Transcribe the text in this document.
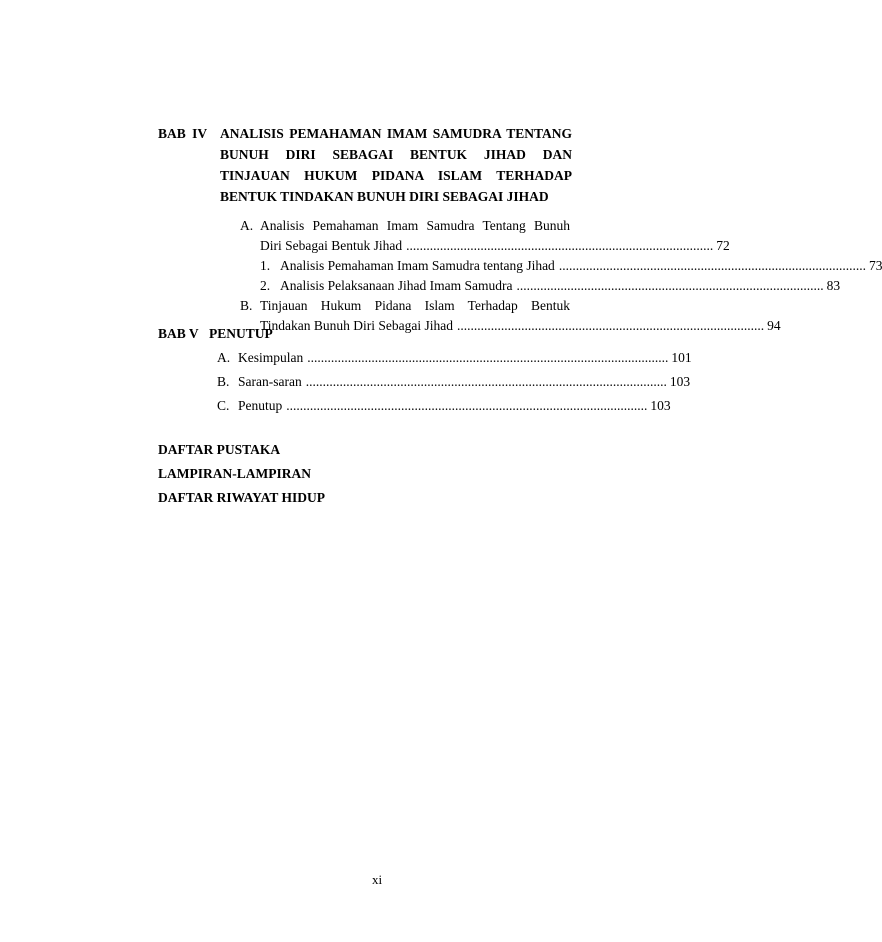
BAB IV ANALISIS PEMAHAMAN IMAM SAMUDRA TENTANG
BUNUH DIRI SEBAGAI BENTUK JIHAD DAN
TINJAUAN HUKUM PIDANA ISLAM TERHADAP
BENTUK TINDAKAN BUNUH DIRI SEBAGAI JIHAD
A. Analisis Pemahaman Imam Samudra Tentang Bunuh
Diri Sebagai Bentuk Jihad ........................................................................................... 72
1. Analisis Pemahaman Imam Samudra tentang Jihad ........................................................................................... 73
2. Analisis Pelaksanaan Jihad Imam Samudra ........................................................................................... 83
B. Tinjauan Hukum Pidana Islam Terhadap Bentuk
Tindakan Bunuh Diri Sebagai Jihad ........................................................................................... 94
BAB V PENUTUP
A. Kesimpulan ........................................................................................................... 101
B. Saran-saran ........................................................................................................... 103
C. Penutup ........................................................................................................... 103
DAFTAR PUSTAKA
LAMPIRAN-LAMPIRAN
DAFTAR RIWAYAT HIDUP
xi
